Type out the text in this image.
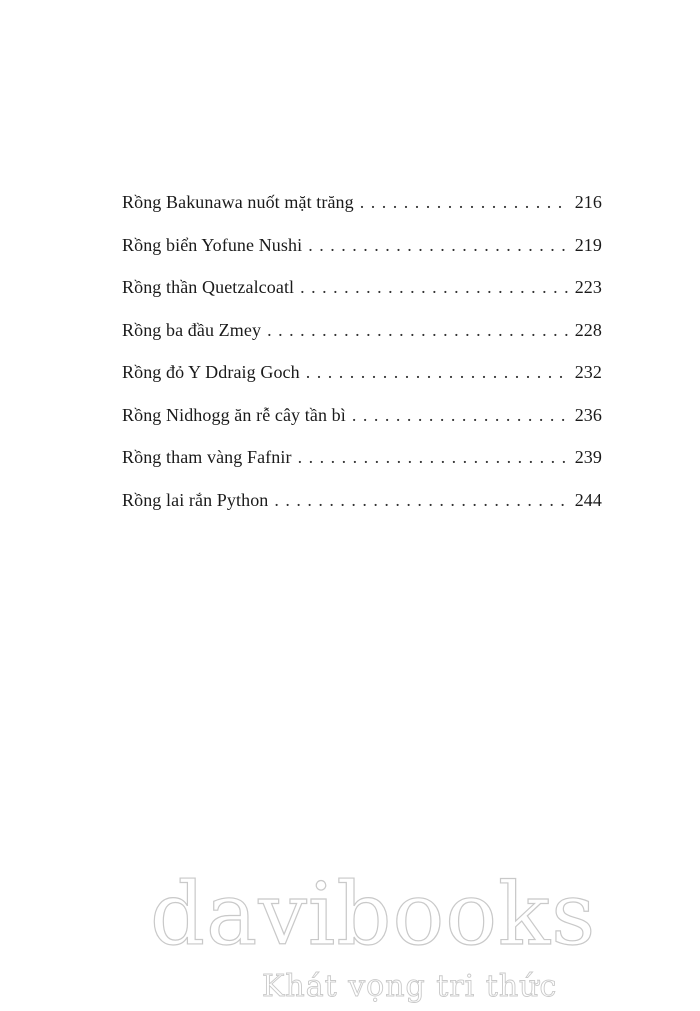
Rồng Bakunawa nuốt mặt trăng . . .	216
Rồng biển Yofune Nushi . . .	219
Rồng thần Quetzalcoatl . . .	223
Rồng ba đầu Zmey . . .	228
Rồng đỏ Y Ddraig Goch . . .	232
Rồng Nidhogg ăn rễ cây tần bì . . .	236
Rồng tham vàng Fafnir . . .	239
Rồng lai rắn Python . . .	244
davibooks
Khát vọng tri thức
